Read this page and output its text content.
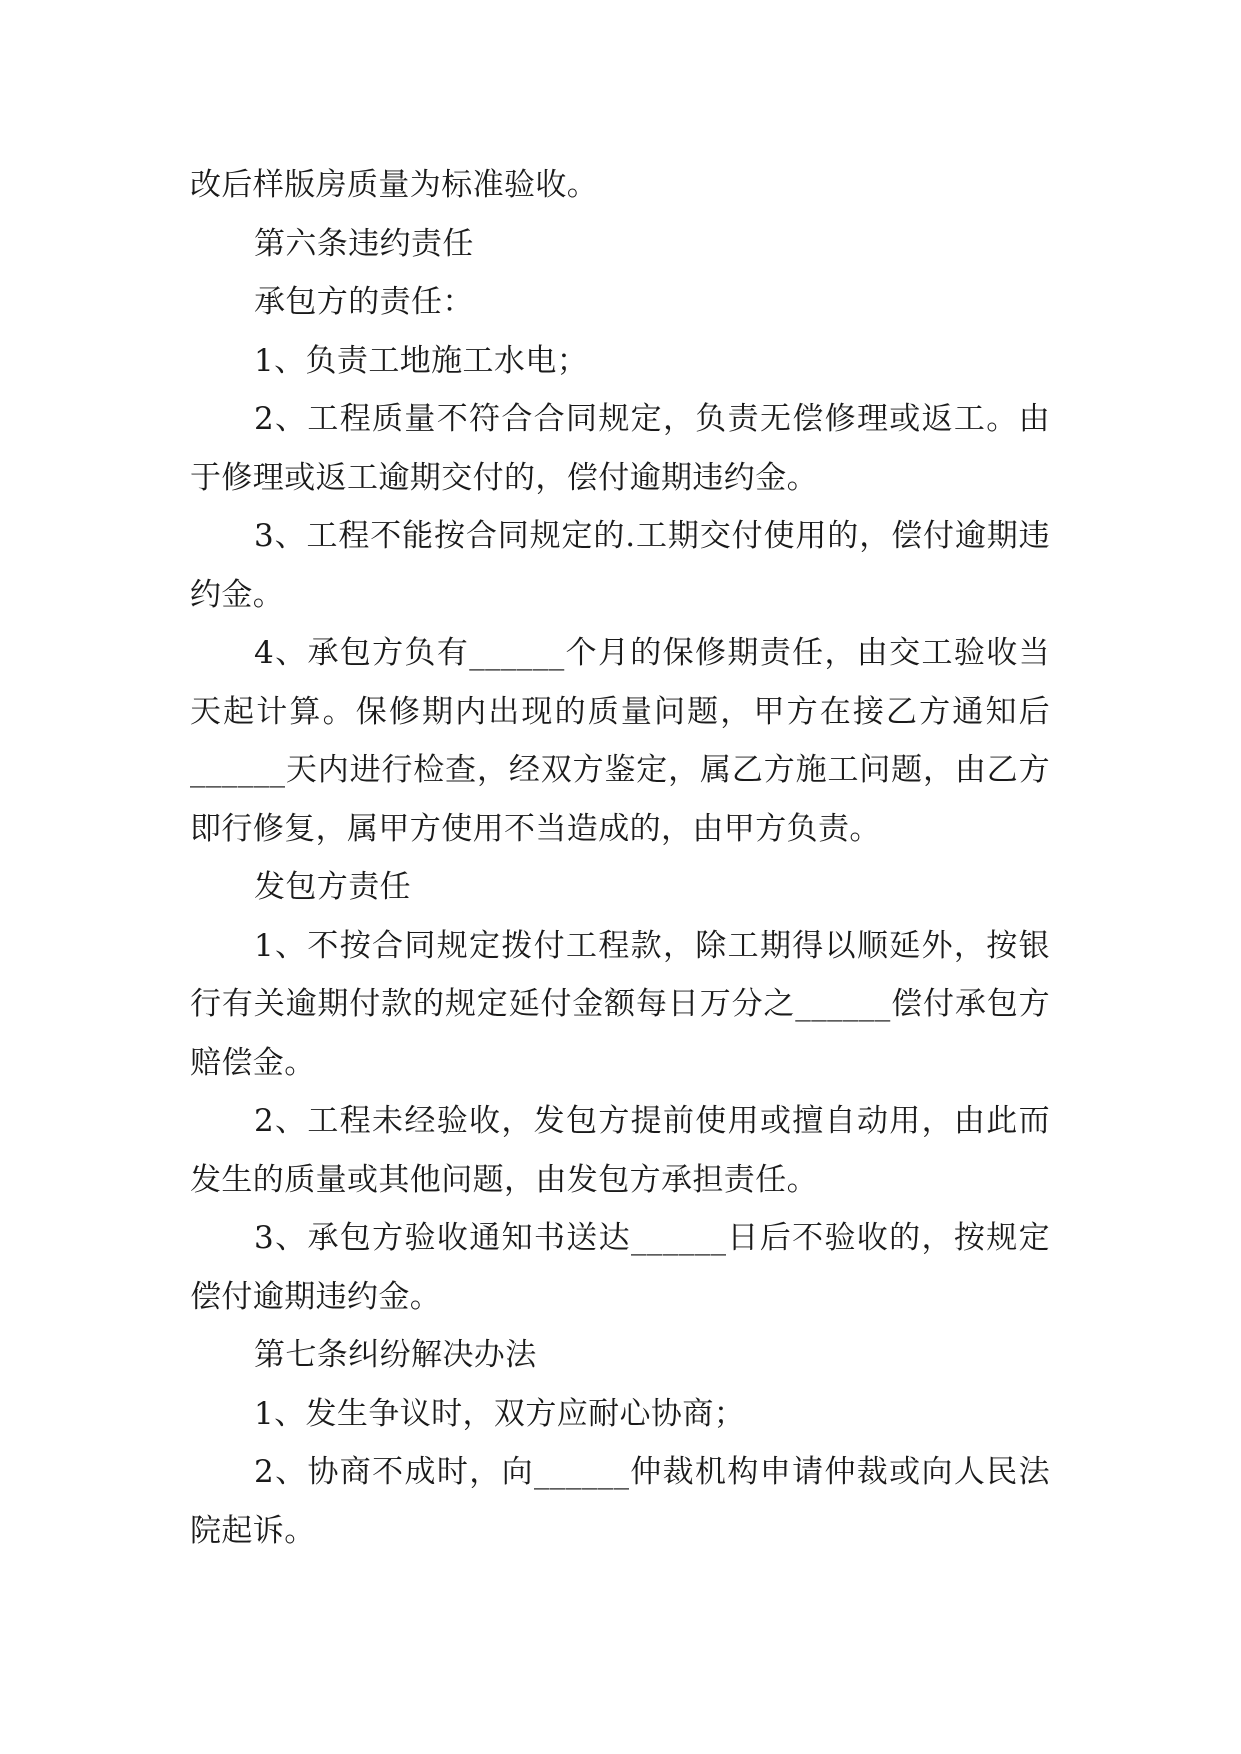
改后样版房质量为标准验收。

第六条违约责任

承包方的责任：

1、负责工地施工水电；

2、工程质量不符合合同规定，负责无偿修理或返工。由于修理或返工逾期交付的，偿付逾期违约金。

3、工程不能按合同规定的.工期交付使用的，偿付逾期违约金。

4、承包方负有______个月的保修期责任，由交工验收当天起计算。保修期内出现的质量问题，甲方在接乙方通知后______天内进行检查，经双方鉴定，属乙方施工问题，由乙方即行修复，属甲方使用不当造成的，由甲方负责。

发包方责任

1、不按合同规定拨付工程款，除工期得以顺延外，按银行有关逾期付款的规定延付金额每日万分之______偿付承包方赔偿金。

2、工程未经验收，发包方提前使用或擅自动用，由此而发生的质量或其他问题，由发包方承担责任。

3、承包方验收通知书送达______日后不验收的，按规定偿付逾期违约金。

第七条纠纷解决办法

1、发生争议时，双方应耐心协商；

2、协商不成时，向______仲裁机构申请仲裁或向人民法院起诉。
